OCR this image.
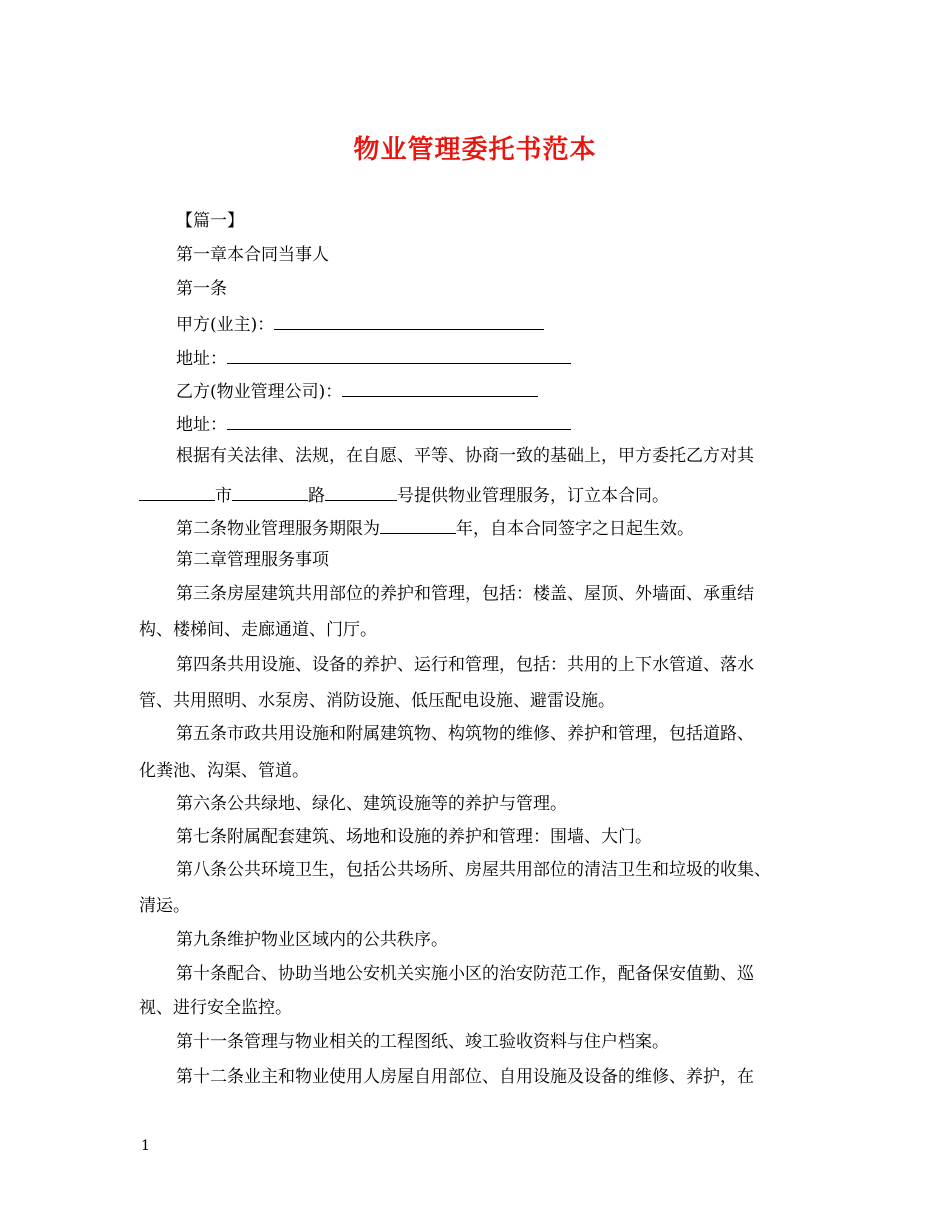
物业管理委托书范本
【篇一】
第一章本合同当事人
第一条
甲方(业主)：
地址：
乙方(物业管理公司)：
地址：
根据有关法律、法规，在自愿、平等、协商一致的基础上，甲方委托乙方对其
市	路	号提供物业管理服务，订立本合同。
第二条物业管理服务期限为	年，自本合同签字之日起生效。
第二章管理服务事项
第三条房屋建筑共用部位的养护和管理，包括：楼盖、屋顶、外墙面、承重结
构、楼梯间、走廊通道、门厅。
第四条共用设施、设备的养护、运行和管理，包括：共用的上下水管道、落水
管、共用照明、水泵房、消防设施、低压配电设施、避雷设施。
第五条市政共用设施和附属建筑物、构筑物的维修、养护和管理，包括道路、
化粪池、沟渠、管道。
第六条公共绿地、绿化、建筑设施等的养护与管理。
第七条附属配套建筑、场地和设施的养护和管理：围墙、大门。
第八条公共环境卫生，包括公共场所、房屋共用部位的清洁卫生和垃圾的收集、
清运。
第九条维护物业区域内的公共秩序。
第十条配合、协助当地公安机关实施小区的治安防范工作，配备保安值勤、巡
视、进行安全监控。
第十一条管理与物业相关的工程图纸、竣工验收资料与住户档案。
第十二条业主和物业使用人房屋自用部位、自用设施及设备的维修、养护，在
1
